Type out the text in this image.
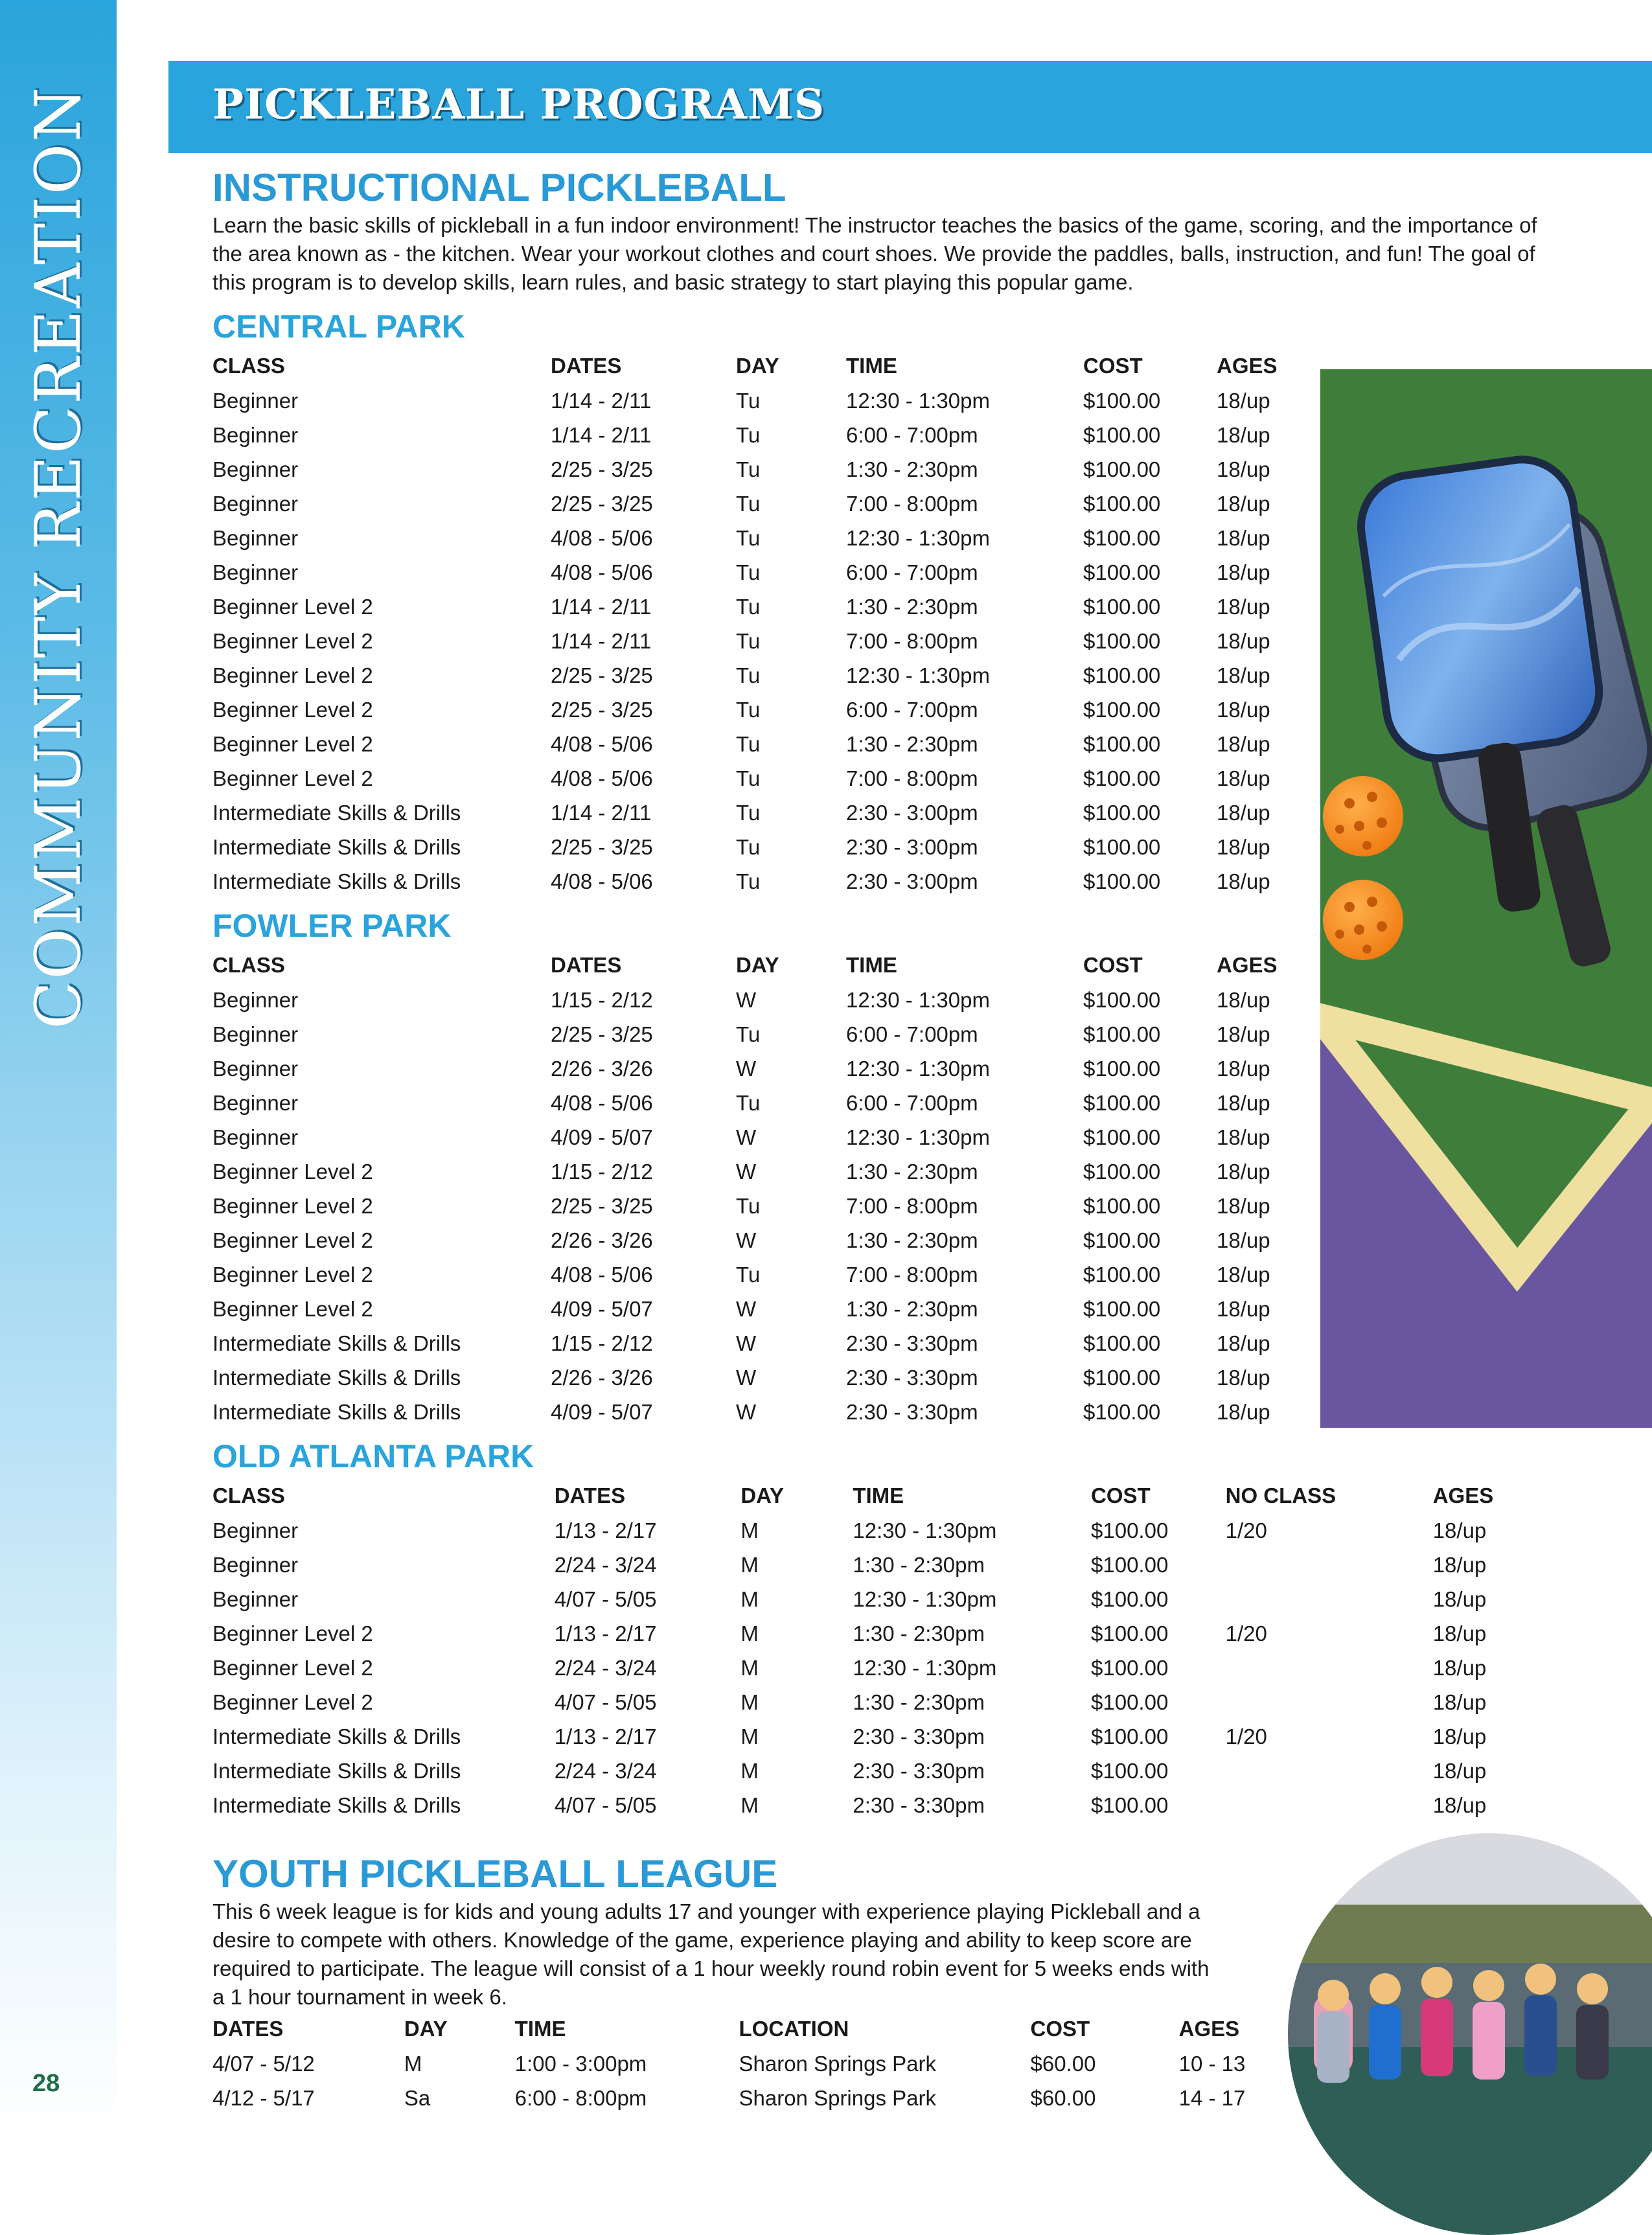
COMMUNITY RECREATION
28
PICKLEBALL PROGRAMS
INSTRUCTIONAL PICKLEBALL

Learn the basic skills of pickleball in a fun indoor environment! The instructor teaches the basics of the game, scoring, and the importance of the area known as - the kitchen. Wear your workout clothes and court shoes. We provide the paddles, balls, instruction, and fun! The goal of this program is to develop skills, learn rules, and basic strategy to start playing this popular game.

CENTRAL PARK
CLASS	DATES	DAY	TIME	COST	AGES
Beginner	1/14 - 2/11	Tu	12:30 - 1:30pm	$100.00	18/up
Beginner	1/14 - 2/11	Tu	6:00 - 7:00pm	$100.00	18/up
Beginner	2/25 - 3/25	Tu	1:30 - 2:30pm	$100.00	18/up
Beginner	2/25 - 3/25	Tu	7:00 - 8:00pm	$100.00	18/up
Beginner	4/08 - 5/06	Tu	12:30 - 1:30pm	$100.00	18/up
Beginner	4/08 - 5/06	Tu	6:00 - 7:00pm	$100.00	18/up
Beginner Level 2	1/14 - 2/11	Tu	1:30 - 2:30pm	$100.00	18/up
Beginner Level 2	1/14 - 2/11	Tu	7:00 - 8:00pm	$100.00	18/up
Beginner Level 2	2/25 - 3/25	Tu	12:30 - 1:30pm	$100.00	18/up
Beginner Level 2	2/25 - 3/25	Tu	6:00 - 7:00pm	$100.00	18/up
Beginner Level 2	4/08 - 5/06	Tu	1:30 - 2:30pm	$100.00	18/up
Beginner Level 2	4/08 - 5/06	Tu	7:00 - 8:00pm	$100.00	18/up
Intermediate Skills & Drills	1/14 - 2/11	Tu	2:30 - 3:00pm	$100.00	18/up
Intermediate Skills & Drills	2/25 - 3/25	Tu	2:30 - 3:00pm	$100.00	18/up
Intermediate Skills & Drills	4/08 - 5/06	Tu	2:30 - 3:00pm	$100.00	18/up
FOWLER PARK
CLASS	DATES	DAY	TIME	COST	AGES
Beginner	1/15 - 2/12	W	12:30 - 1:30pm	$100.00	18/up
Beginner	2/25 - 3/25	Tu	6:00 - 7:00pm	$100.00	18/up
Beginner	2/26 - 3/26	W	12:30 - 1:30pm	$100.00	18/up
Beginner	4/08 - 5/06	Tu	6:00 - 7:00pm	$100.00	18/up
Beginner	4/09 - 5/07	W	12:30 - 1:30pm	$100.00	18/up
Beginner Level 2	1/15 - 2/12	W	1:30 - 2:30pm	$100.00	18/up
Beginner Level 2	2/25 - 3/25	Tu	7:00 - 8:00pm	$100.00	18/up
Beginner Level 2	2/26 - 3/26	W	1:30 - 2:30pm	$100.00	18/up
Beginner Level 2	4/08 - 5/06	Tu	7:00 - 8:00pm	$100.00	18/up
Beginner Level 2	4/09 - 5/07	W	1:30 - 2:30pm	$100.00	18/up
Intermediate Skills & Drills	1/15 - 2/12	W	2:30 - 3:30pm	$100.00	18/up
Intermediate Skills & Drills	2/26 - 3/26	W	2:30 - 3:30pm	$100.00	18/up
Intermediate Skills & Drills	4/09 - 5/07	W	2:30 - 3:30pm	$100.00	18/up
OLD ATLANTA PARK
CLASS	DATES	DAY	TIME	COST	NO CLASS	AGES
Beginner	1/13 - 2/17	M	12:30 - 1:30pm	$100.00	1/20	18/up
Beginner	2/24 - 3/24	M	1:30 - 2:30pm	$100.00		18/up
Beginner	4/07 - 5/05	M	12:30 - 1:30pm	$100.00		18/up
Beginner Level 2	1/13 - 2/17	M	1:30 - 2:30pm	$100.00	1/20	18/up
Beginner Level 2	2/24 - 3/24	M	12:30 - 1:30pm	$100.00		18/up
Beginner Level 2	4/07 - 5/05	M	1:30 - 2:30pm	$100.00		18/up
Intermediate Skills & Drills	1/13 - 2/17	M	2:30 - 3:30pm	$100.00	1/20	18/up
Intermediate Skills & Drills	2/24 - 3/24	M	2:30 - 3:30pm	$100.00		18/up
Intermediate Skills & Drills	4/07 - 5/05	M	2:30 - 3:30pm	$100.00		18/up
YOUTH PICKLEBALL LEAGUE

This 6 week league is for kids and young adults 17 and younger with experience playing Pickleball and a desire to compete with others. Knowledge of the game, experience playing and ability to keep score are required to participate. The league will consist of a 1 hour weekly round robin event for 5 weeks ends with a 1 hour tournament in week 6.

DATES	DAY	TIME	LOCATION	COST	AGES
4/07 - 5/12	M	1:00 - 3:00pm	Sharon Springs Park	$60.00	10 - 13
4/12 - 5/17	Sa	6:00 - 8:00pm	Sharon Springs Park	$60.00	14 - 17
